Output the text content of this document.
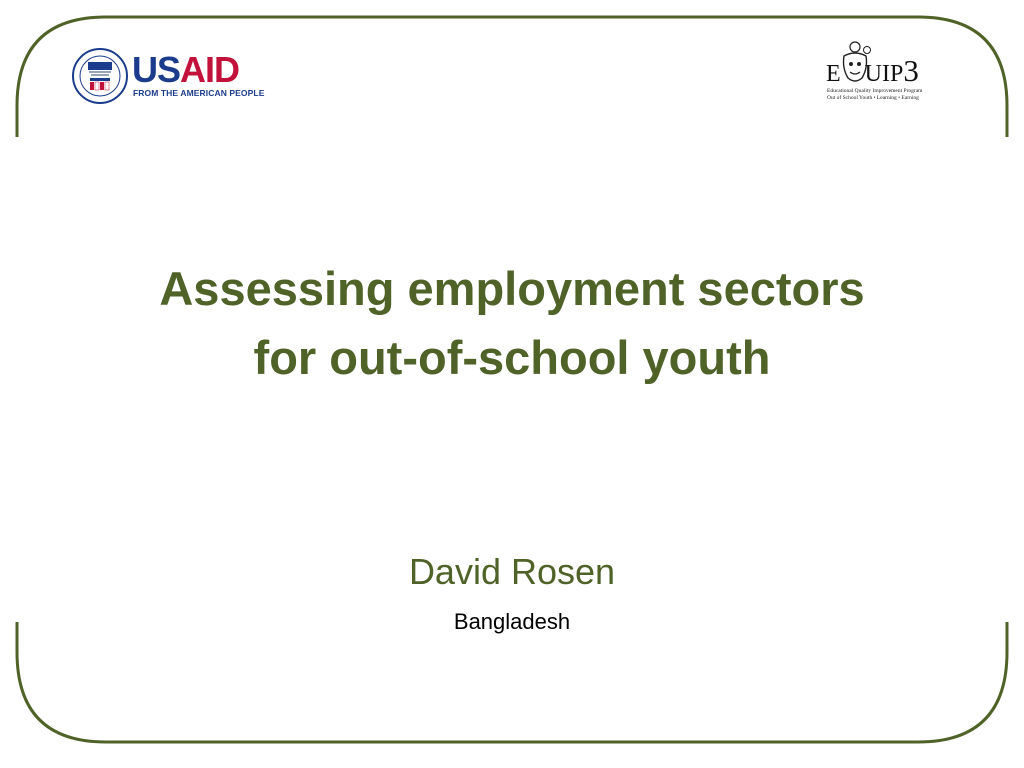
USAID
FROM THE AMERICAN PEOPLE
E UIP3
Educational Quality Improvement Program
Out of School Youth • Learning • Earning
Assessing employment sectors
for out-of-school youth
David Rosen
Bangladesh
